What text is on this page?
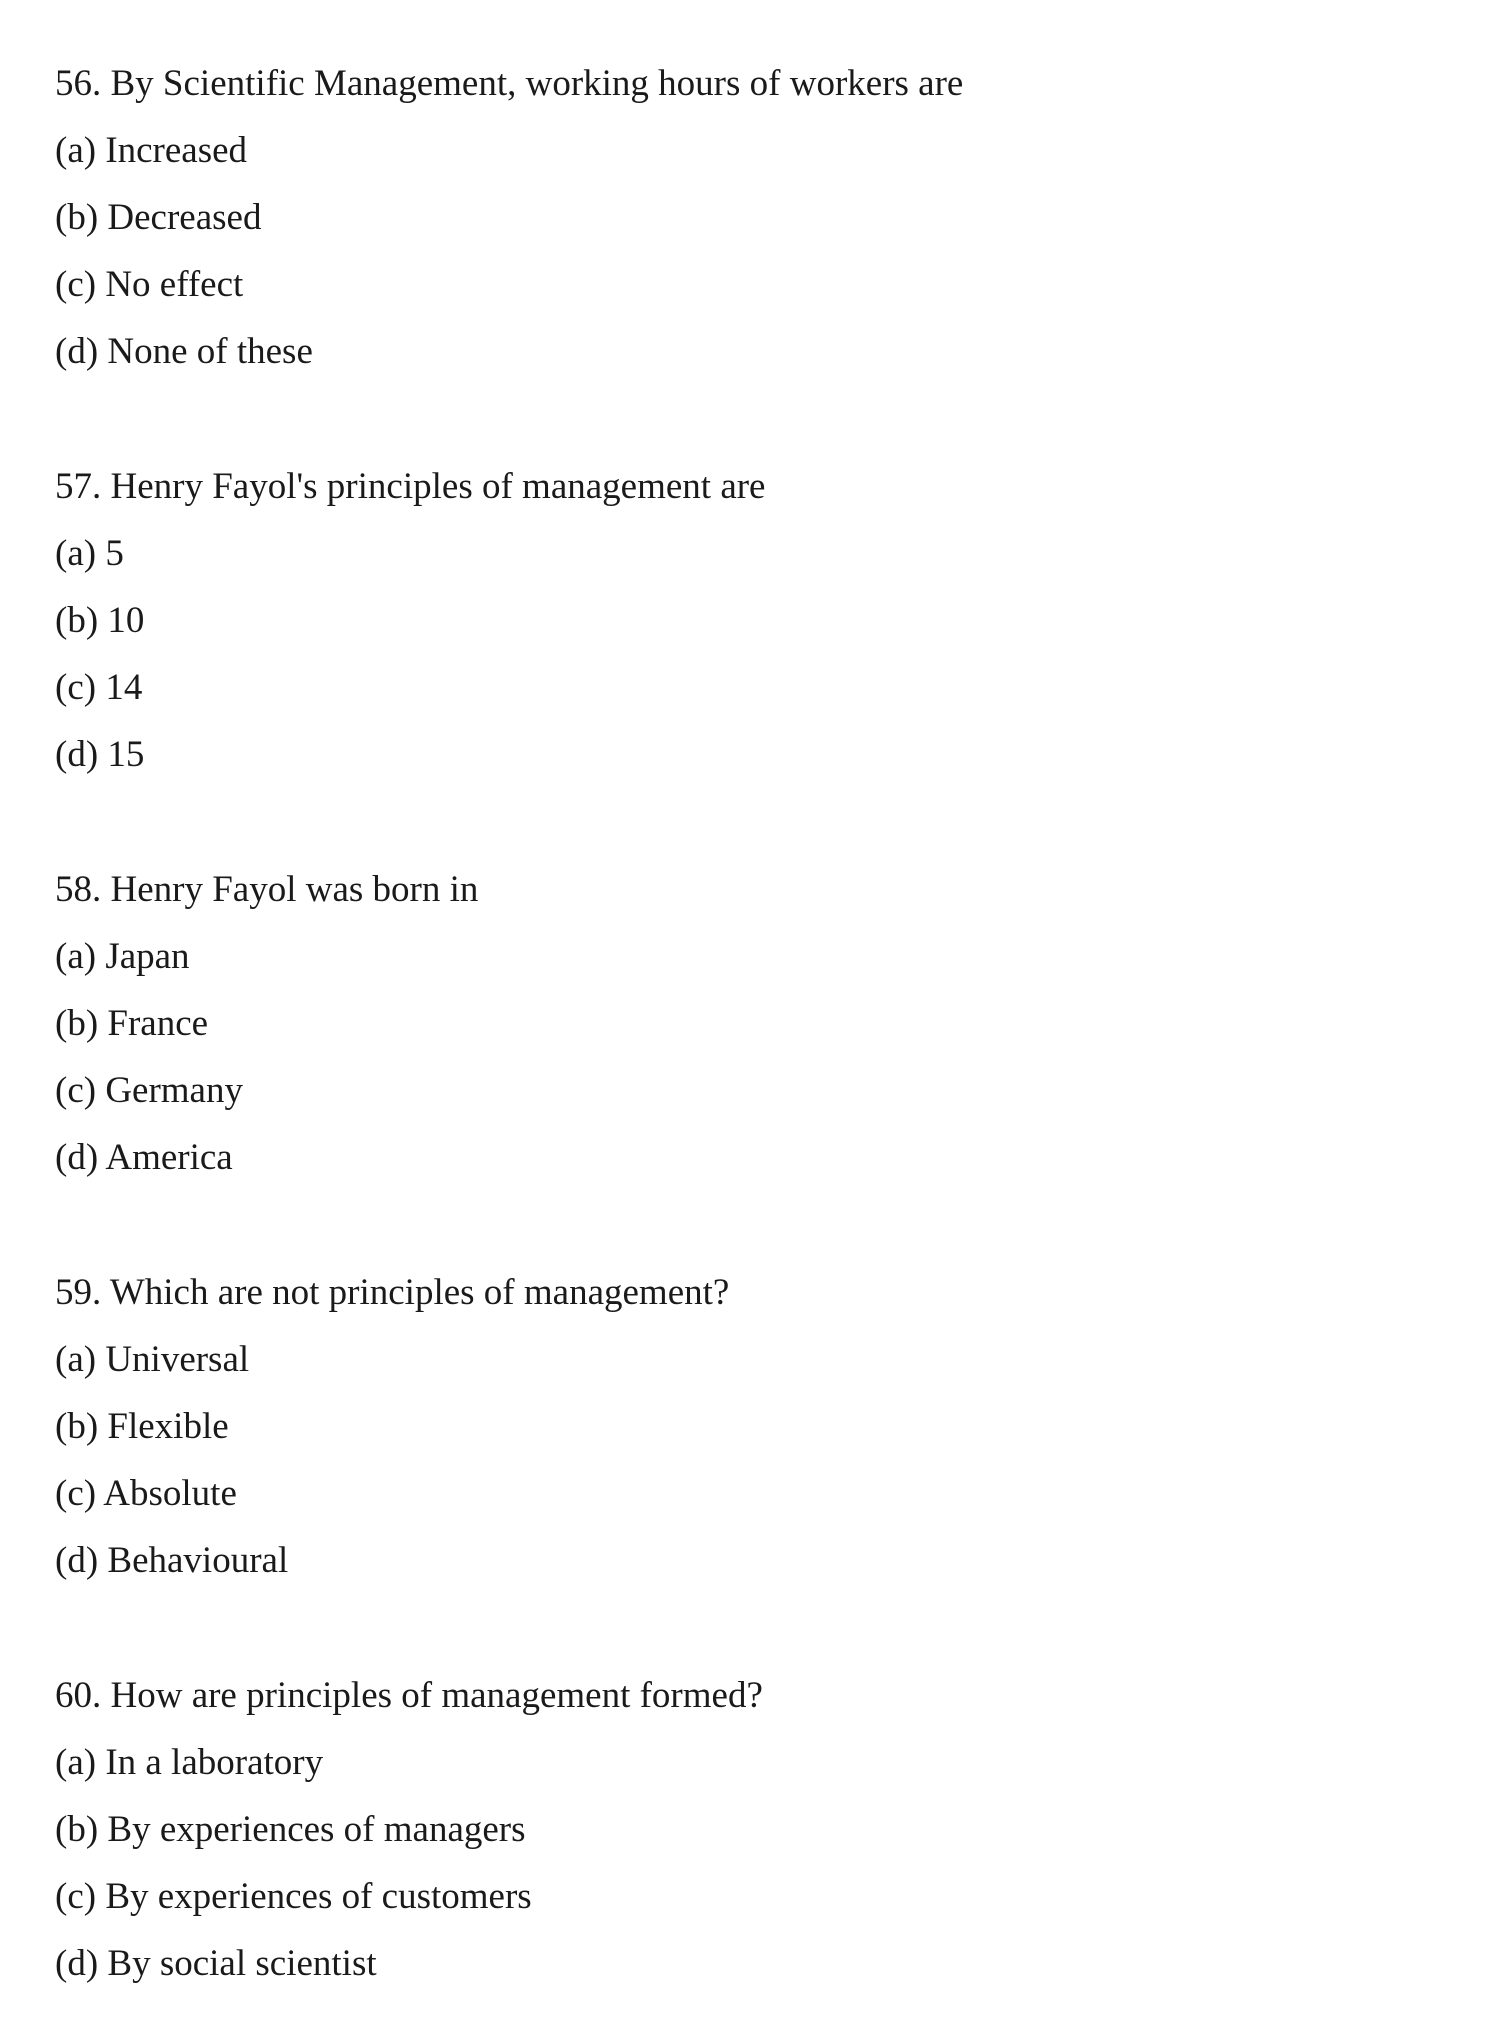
56. By Scientific Management, working hours of workers are
(a) Increased
(b) Decreased
(c) No effect
(d) None of these
57. Henry Fayol's principles of management are
(a) 5
(b) 10
(c) 14
(d) 15
58. Henry Fayol was born in
(a) Japan
(b) France
(c) Germany
(d) America
59. Which are not principles of management?
(a) Universal
(b) Flexible
(c) Absolute
(d) Behavioural
60. How are principles of management formed?
(a) In a laboratory
(b) By experiences of managers
(c) By experiences of customers
(d) By social scientist
